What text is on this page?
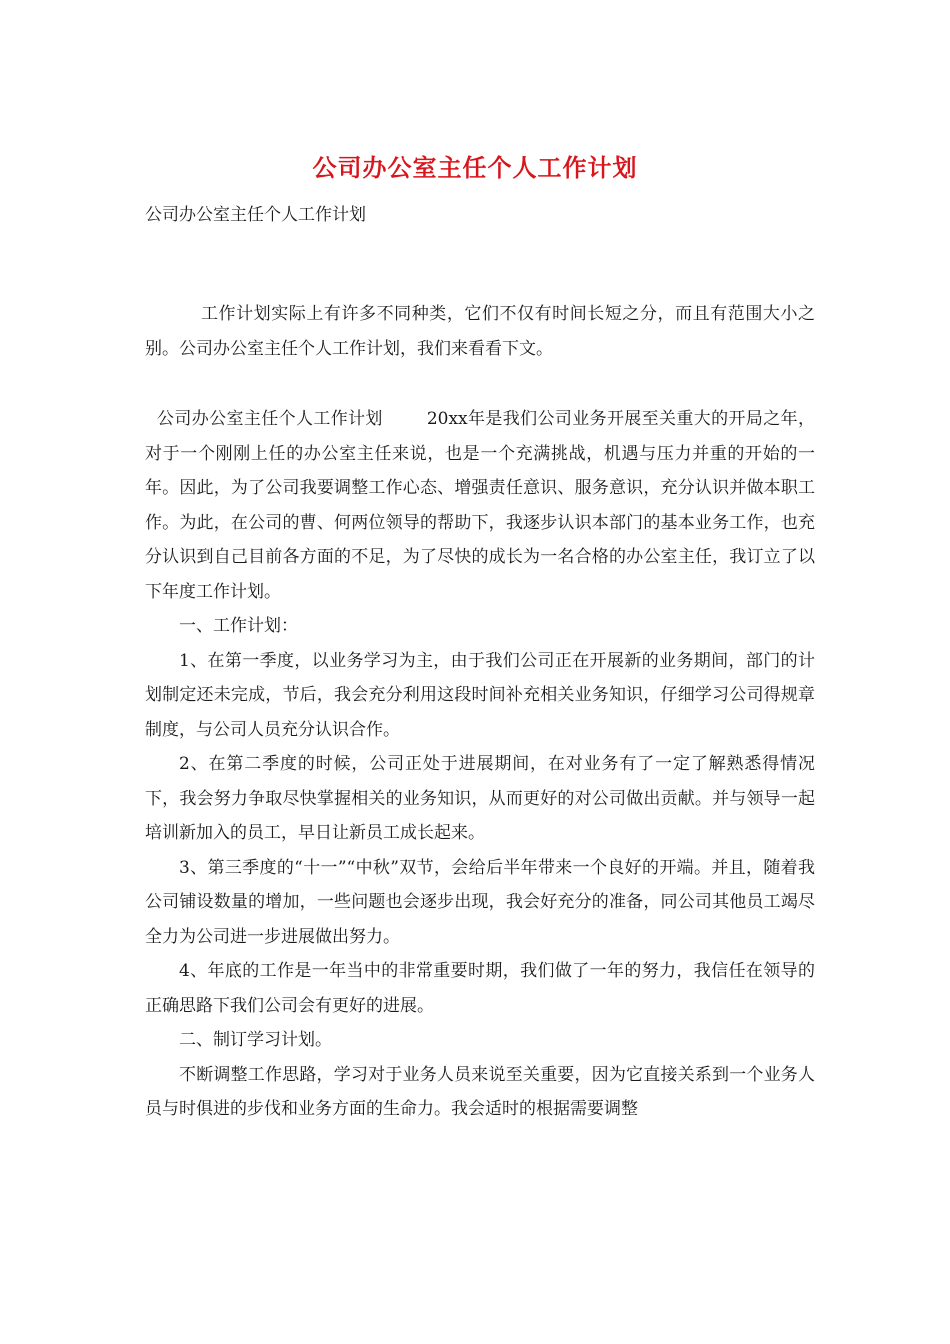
公司办公室主任个人工作计划
公司办公室主任个人工作计划
工作计划实际上有许多不同种类，它们不仅有时间长短之分，而且有范围大小之别。公司办公室主任个人工作计划，我们来看看下文。

公司办公室主任个人工作计划	20xx年是我们公司业务开展至关重大的开局之年，对于一个刚刚上任的办公室主任来说，也是一个充满挑战，机遇与压力并重的开始的一年。因此，为了公司我要调整工作心态、增强责任意识、服务意识，充分认识并做本职工作。为此，在公司的曹、何两位领导的帮助下，我逐步认识本部门的基本业务工作，也充分认识到自己目前各方面的不足，为了尽快的成长为一名合格的办公室主任，我订立了以下年度工作计划。

一、工作计划：

1、在第一季度，以业务学习为主，由于我们公司正在开展新的业务期间，部门的计划制定还未完成，节后，我会充分利用这段时间补充相关业务知识，仔细学习公司得规章制度，与公司人员充分认识合作。

2、在第二季度的时候，公司正处于进展期间，在对业务有了一定了解熟悉得情况下，我会努力争取尽快掌握相关的业务知识，从而更好的对公司做出贡献。并与领导一起培训新加入的员工，早日让新员工成长起来。

3、第三季度的“十一”“中秋”双节，会给后半年带来一个良好的开端。并且，随着我公司铺设数量的增加，一些问题也会逐步出现，我会好充分的准备，同公司其他员工竭尽全力为公司进一步进展做出努力。

4、年底的工作是一年当中的非常重要时期，我们做了一年的努力，我信任在领导的正确思路下我们公司会有更好的进展。

二、制订学习计划。

不断调整工作思路，学习对于业务人员来说至关重要，因为它直接关系到一个业务人员与时俱进的步伐和业务方面的生命力。我会适时的根据需要调整
